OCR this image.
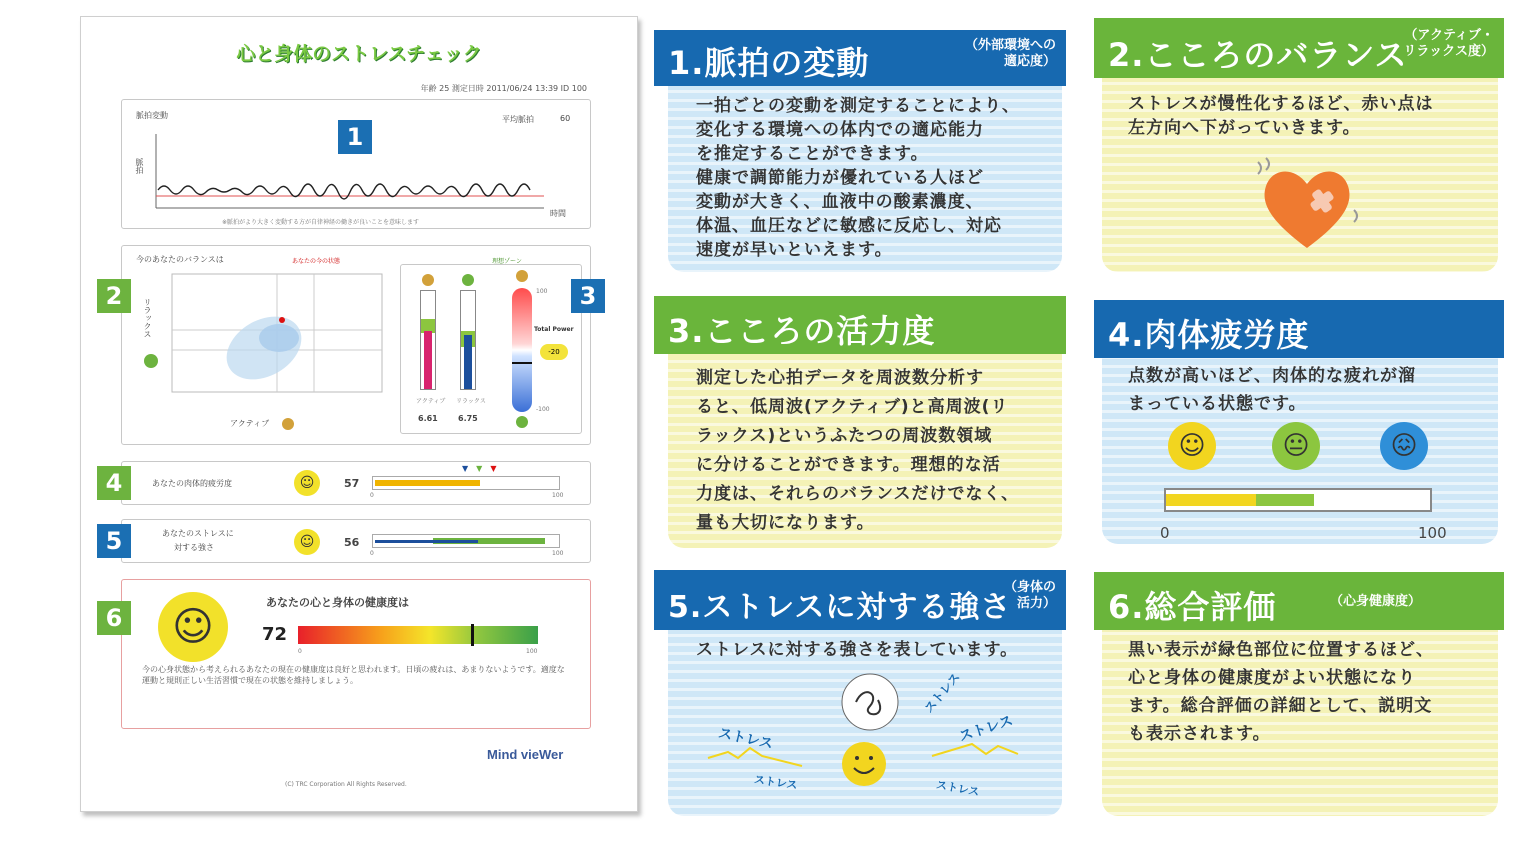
心と身体のストレスチェック
年齢 25 測定日時 2011/06/24 13:39 ID 100
脈拍変動	平均脈拍	60
脈拍
時間
※脈拍がより大きく変動する方が自律神経の働きが良いことを意味します
1
今のあなたのバランスは	あなたの今の状態	理想ゾーン
リラックス
アクティブ
アクティブ リラックス
6.61	6.75
100
-100
Total Power
-20
2	3
あなたの肉体的疲労度	☺	57
▼▼▼
0	100
4
あなたのストレスに
対する強さ	☺	56
0	100
5
☺
あなたの心と身体の健康度は
72
0	100
今の心身状態から考えられるあなたの現在の健康度は良好と思われます。日頃の疲れは、あまりないようです。適度な運動と規則正しい生活習慣で現在の状態を維持しましょう。
6
Mind vieWer
(C) TRC Corporation All Rights Reserved.
一拍ごとの変動を測定することにより、
変化する環境への体内での適応能力
を推定することができます。
健康で調節能力が優れている人ほど
変動が大きく、血液中の酸素濃度、
体温、血圧などに敏感に反応し、対応
速度が早いといえます。
1.脈拍の変動	（外部環境への
適応度）
ストレスが慢性化するほど、赤い点は
左方向へ下がっていきます。
2.こころのバランス
（アクティブ・
リラックス度）
測定した心拍データを周波数分析す
ると、低周波(アクティブ)と高周波(リ
ラックス)というふたつの周波数領域
に分けることができます。理想的な活
力度は、それらのバランスだけでなく、
量も大切になります。
3.こころの活力度
点数が高いほど、肉体的な疲れが溜
まっている状態です。
☺	😐	😖
0	100
4.肉体疲労度
ストレスに対する強さを表しています。
ストレス	ストレス
ストレス
ストレス	ストレス
5.ストレスに対する強さ
（身体の
活力）
黒い表示が緑色部位に位置するほど、
心と身体の健康度がよい状態になり
ます。総合評価の詳細として、説明文
も表示されます。
6.総合評価	（心身健康度）
